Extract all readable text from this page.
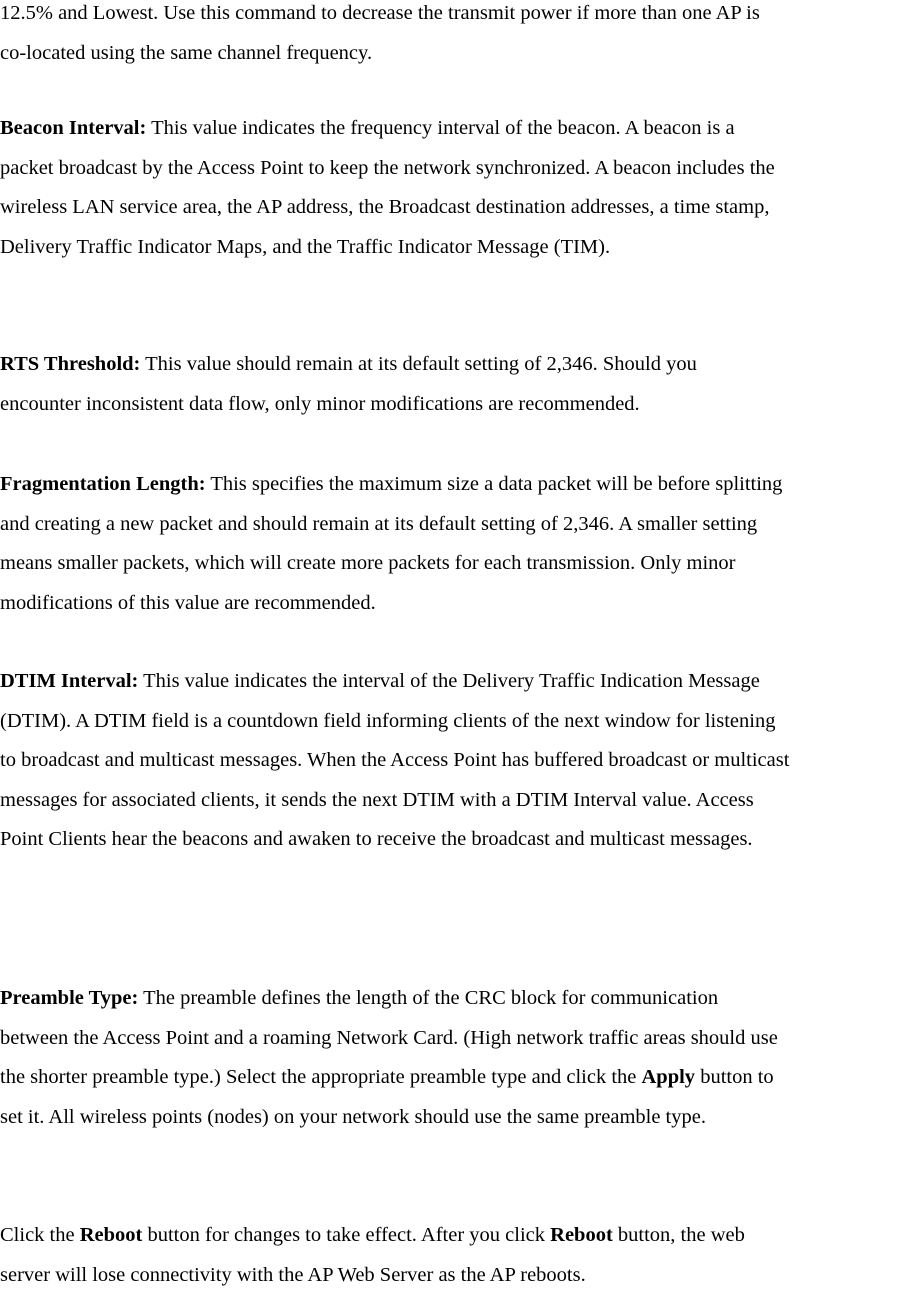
12.5% and Lowest. Use this command to decrease the transmit power if more than one AP is
co-located using the same channel frequency.

Beacon Interval: This value indicates the frequency interval of the beacon. A beacon is a
packet broadcast by the Access Point to keep the network synchronized. A beacon includes the
wireless LAN service area, the AP address, the Broadcast destination addresses, a time stamp,
Delivery Traffic Indicator Maps, and the Traffic Indicator Message (TIM).

RTS Threshold: This value should remain at its default setting of 2,346. Should you
encounter inconsistent data flow, only minor modifications are recommended.

Fragmentation Length: This specifies the maximum size a data packet will be before splitting
and creating a new packet and should remain at its default setting of 2,346. A smaller setting
means smaller packets, which will create more packets for each transmission. Only minor
modifications of this value are recommended.

DTIM Interval: This value indicates the interval of the Delivery Traffic Indication Message
(DTIM). A DTIM field is a countdown field informing clients of the next window for listening
to broadcast and multicast messages. When the Access Point has buffered broadcast or multicast
messages for associated clients, it sends the next DTIM with a DTIM Interval value. Access
Point Clients hear the beacons and awaken to receive the broadcast and multicast messages.

Preamble Type: The preamble defines the length of the CRC block for communication
between the Access Point and a roaming Network Card. (High network traffic areas should use
the shorter preamble type.) Select the appropriate preamble type and click the Apply button to
set it. All wireless points (nodes) on your network should use the same preamble type.

Click the Reboot button for changes to take effect. After you click Reboot button, the web
server will lose connectivity with the AP Web Server as the AP reboots.
